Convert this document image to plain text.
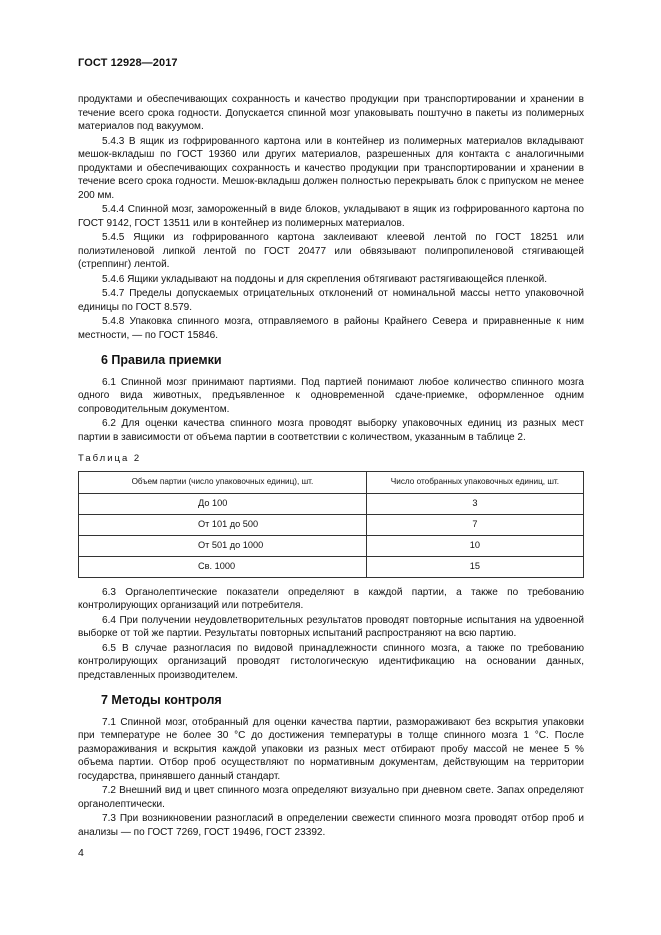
ГОСТ 12928—2017

продуктами и обеспечивающих сохранность и качество продукции при транспортировании и хранении в течение всего срока годности. Допускается спинной мозг упаковывать поштучно в пакеты из полимерных материалов под вакуумом.

5.4.3 В ящик из гофрированного картона или в контейнер из полимерных материалов вкладывают мешок-вкладыш по ГОСТ 19360 или других материалов, разрешенных для контакта с аналогичными продуктами и обеспечивающих сохранность и качество продукции при транспортировании и хранении в течение всего срока годности. Мешок-вкладыш должен полностью перекрывать блок с припуском не менее 200 мм.

5.4.4 Спинной мозг, замороженный в виде блоков, укладывают в ящик из гофрированного картона по ГОСТ 9142, ГОСТ 13511 или в контейнер из полимерных материалов.

5.4.5 Ящики из гофрированного картона заклеивают клеевой лентой по ГОСТ 18251 или полиэтиленовой липкой лентой по ГОСТ 20477 или обвязывают полипропиленовой стягивающей (стреппинг) лентой.

5.4.6 Ящики укладывают на поддоны и для скрепления обтягивают растягивающейся пленкой.

5.4.7 Пределы допускаемых отрицательных отклонений от номинальной массы нетто упаковочной единицы по ГОСТ 8.579.

5.4.8 Упаковка спинного мозга, отправляемого в районы Крайнего Севера и приравненные к ним местности, — по ГОСТ 15846.

6 Правила приемки

6.1 Спинной мозг принимают партиями. Под партией понимают любое количество спинного мозга одного вида животных, предъявленное к одновременной сдаче-приемке, оформленное одним сопроводительным документом.

6.2 Для оценки качества спинного мозга проводят выборку упаковочных единиц из разных мест партии в зависимости от объема партии в соответствии с количеством, указанным в таблице 2.

Таблица 2
Объем партии (число упаковочных единиц), шт.	Число отобранных упаковочных единиц, шт.
До 100	3
От 101 до 500	7
От 501 до 1000	10
Св. 1000	15

6.3 Органолептические показатели определяют в каждой партии, а также по требованию контролирующих организаций или потребителя.

6.4 При получении неудовлетворительных результатов проводят повторные испытания на удвоенной выборке от той же партии. Результаты повторных испытаний распространяют на всю партию.

6.5 В случае разногласия по видовой принадлежности спинного мозга, а также по требованию контролирующих организаций проводят гистологическую идентификацию на основании данных, представленных производителем.

7 Методы контроля

7.1 Спинной мозг, отобранный для оценки качества партии, размораживают без вскрытия упаковки при температуре не более 30 °С до достижения температуры в толще спинного мозга 1 °С. После размораживания и вскрытия каждой упаковки из разных мест отбирают пробу массой не менее 5 % объема партии. Отбор проб осуществляют по нормативным документам, действующим на территории государства, принявшего данный стандарт.

7.2 Внешний вид и цвет спинного мозга определяют визуально при дневном свете. Запах определяют органолептически.

7.3 При возникновении разногласий в определении свежести спинного мозга проводят отбор проб и анализы — по ГОСТ 7269, ГОСТ 19496, ГОСТ 23392.

4
